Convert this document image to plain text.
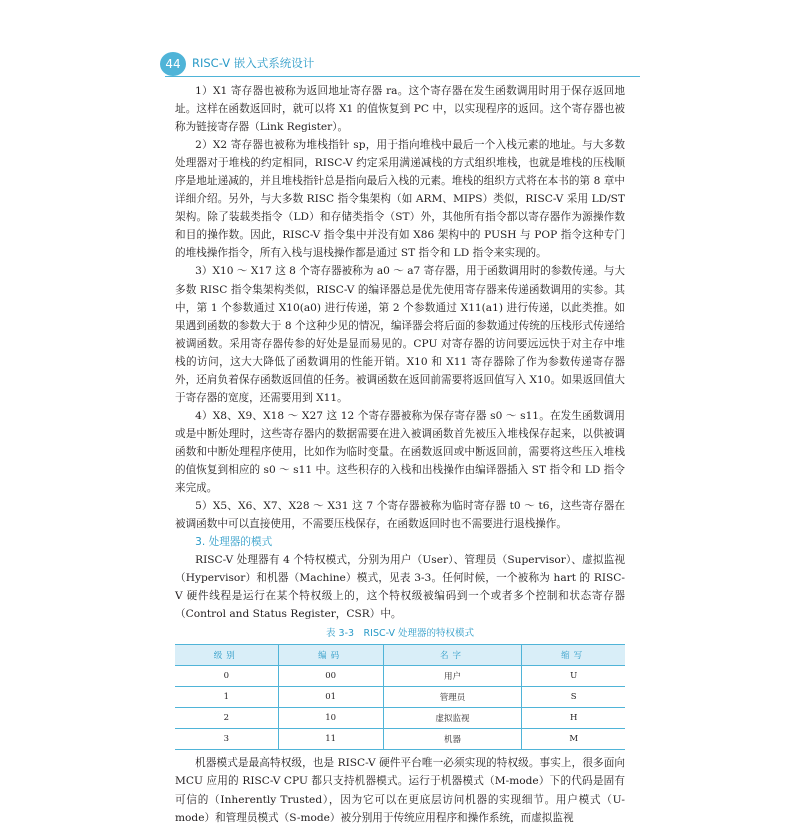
44 RISC-V 嵌入式系统设计

1）X1 寄存器也被称为返回地址寄存器 ra。这个寄存器在发生函数调用时用于保存返回地址。这样在函数返回时，就可以将 X1 的值恢复到 PC 中，以实现程序的返回。这个寄存器也被称为链接寄存器（Link Register）。

2）X2 寄存器也被称为堆栈指针 sp，用于指向堆栈中最后一个入栈元素的地址。与大多数处理器对于堆栈的约定相同，RISC-V 约定采用满递减栈的方式组织堆栈，也就是堆栈的压栈顺序是地址递减的，并且堆栈指针总是指向最后入栈的元素。堆栈的组织方式将在本书的第 8 章中详细介绍。另外，与大多数 RISC 指令集架构（如 ARM、MIPS）类似，RISC-V 采用 LD/ST 架构。除了装载类指令（LD）和存储类指令（ST）外，其他所有指令都以寄存器作为源操作数和目的操作数。因此，RISC-V 指令集中并没有如 X86 架构中的 PUSH 与 POP 指令这种专门的堆栈操作指令，所有入栈与退栈操作都是通过 ST 指令和 LD 指令来实现的。

3）X10 ～ X17 这 8 个寄存器被称为 a0 ～ a7 寄存器，用于函数调用时的参数传递。与大多数 RISC 指令集架构类似，RISC-V 的编译器总是优先使用寄存器来传递函数调用的实参。其中，第 1 个参数通过 X10(a0) 进行传递，第 2 个参数通过 X11(a1) 进行传递，以此类推。如果遇到函数的参数大于 8 个这种少见的情况，编译器会将后面的参数通过传统的压栈形式传递给被调函数。采用寄存器传参的好处是显而易见的。CPU 对寄存器的访问要远远快于对主存中堆栈的访问，这大大降低了函数调用的性能开销。X10 和 X11 寄存器除了作为参数传递寄存器外，还肩负着保存函数返回值的任务。被调函数在返回前需要将返回值写入 X10。如果返回值大于寄存器的宽度，还需要用到 X11。

4）X8、X9、X18 ～ X27 这 12 个寄存器被称为保存寄存器 s0 ～ s11。在发生函数调用或是中断处理时，这些寄存器内的数据需要在进入被调函数首先被压入堆栈保存起来，以供被调函数和中断处理程序使用，比如作为临时变量。在函数返回或中断返回前，需要将这些压入堆栈的值恢复到相应的 s0 ～ s11 中。这些积存的入栈和出栈操作由编译器插入 ST 指令和 LD 指令来完成。

5）X5、X6、X7、X28 ～ X31 这 7 个寄存器被称为临时寄存器 t0 ～ t6，这些寄存器在被调函数中可以直接使用，不需要压栈保存，在函数返回时也不需要进行退栈操作。

3. 处理器的模式

RISC-V 处理器有 4 个特权模式，分别为用户（User）、管理员（Supervisor）、虚拟监视（Hypervisor）和机器（Machine）模式，见表 3-3。任何时候，一个被称为 hart 的 RISC-V 硬件线程是运行在某个特权级上的，这个特权级被编码到一个或者多个控制和状态寄存器（Control and Status Register，CSR）中。

表 3-3　RISC-V 处理器的特权模式
级别	编码	名字	缩写
0	00	用户	U
1	01	管理员	S
2	10	虚拟监视	H
3	11	机器	M

机器模式是最高特权级，也是 RISC-V 硬件平台唯一必须实现的特权级。事实上，很多面向 MCU 应用的 RISC-V CPU 都只支持机器模式。运行于机器模式（M-mode）下的代码是固有可信的（Inherently Trusted），因为它可以在更底层访问机器的实现细节。用户模式（U-mode）和管理员模式（S-mode）被分别用于传统应用程序和操作系统，而虚拟监视
